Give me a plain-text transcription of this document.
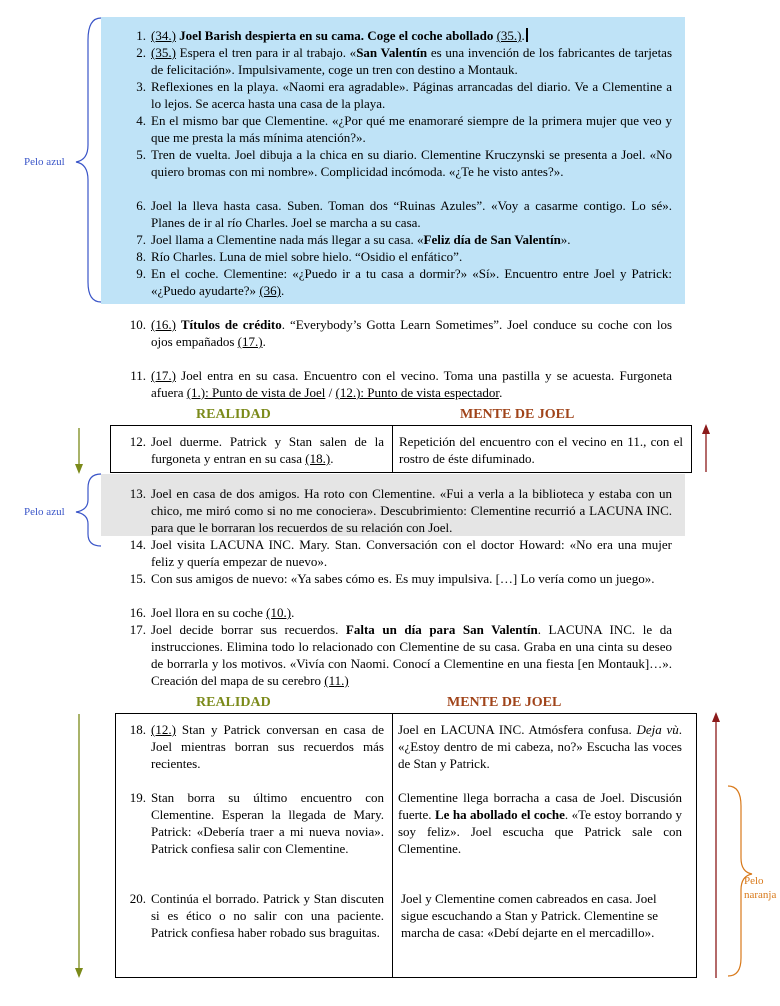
Pelo azul
Pelo azul
Pelo naranja
1. (34.) Joel Barish despierta en su cama. Coge el coche abollado (35.).
2. (35.) Espera el tren para ir al trabajo. «San Valentín es una invención de los fabricantes de tarjetas de felicitación». Impulsivamente, coge un tren con destino a Montauk.
3. Reflexiones en la playa. «Naomi era agradable». Páginas arrancadas del diario. Ve a Clementine a lo lejos. Se acerca hasta una casa de la playa.
4. En el mismo bar que Clementine. «¿Por qué me enamoraré siempre de la primera mujer que veo y que me presta la más mínima atención?».
5. Tren de vuelta. Joel dibuja a la chica en su diario. Clementine Kruczynski se presenta a Joel. «No quiero bromas con mi nombre». Complicidad incómoda. «¿Te he visto antes?».
6. Joel la lleva hasta casa. Suben. Toman dos “Ruinas Azules”. «Voy a casarme contigo. Lo sé». Planes de ir al río Charles. Joel se marcha a su casa.
7. Joel llama a Clementine nada más llegar a su casa. «Feliz día de San Valentín».
8. Río Charles. Luna de miel sobre hielo. “Osidio el enfático”.
9. En el coche. Clementine: «¿Puedo ir a tu casa a dormir?» «Sí». Encuentro entre Joel y Patrick: «¿Puedo ayudarte?» (36).
10. (16.) Títulos de crédito. “Everybody’s Gotta Learn Sometimes”. Joel conduce su coche con los ojos empañados (17.).
11. (17.) Joel entra en su casa. Encuentro con el vecino. Toma una pastilla y se acuesta. Furgoneta afuera (1.): Punto de vista de Joel / (12.): Punto de vista espectador.
REALIDAD	MENTE DE JOEL
12. Joel duerme. Patrick y Stan salen de la furgoneta y entran en su casa (18.).
Repetición del encuentro con el vecino en 11., con el rostro de éste difuminado.
13. Joel en casa de dos amigos. Ha roto con Clementine. «Fui a verla a la biblioteca y estaba con un chico, me miró como si no me conociera». Descubrimiento: Clementine recurrió a LACUNA INC. para que le borraran los recuerdos de su relación con Joel.
14. Joel visita LACUNA INC. Mary. Stan. Conversación con el doctor Howard: «No era una mujer feliz y quería empezar de nuevo».
15. Con sus amigos de nuevo: «Ya sabes cómo es. Es muy impulsiva. […] Lo vería como un juego».
16. Joel llora en su coche (10.).
17. Joel decide borrar sus recuerdos. Falta un día para San Valentín. LACUNA INC. le da instrucciones. Elimina todo lo relacionado con Clementine de su casa. Graba en una cinta su deseo de borrarla y los motivos. «Vivía con Naomi. Conocí a Clementine en una fiesta [en Montauk]…». Creación del mapa de su cerebro (11.)
REALIDAD	MENTE DE JOEL
18. (12.) Stan y Patrick conversan en casa de Joel mientras borran sus recuerdos más recientes.
Joel en LACUNA INC. Atmósfera confusa. Deja vù. «¿Estoy dentro de mi cabeza, no?» Escucha las voces de Stan y Patrick.
19. Stan borra su último encuentro con Clementine. Esperan la llegada de Mary. Patrick: «Debería traer a mi nueva novia». Patrick confiesa salir con Clementine.
Clementine llega borracha a casa de Joel. Discusión fuerte. Le ha abollado el coche. «Te estoy borrando y soy feliz». Joel escucha que Patrick sale con Clementine.
20. Continúa el borrado. Patrick y Stan discuten si es ético o no salir con una paciente. Patrick confiesa haber robado sus braguitas.
Joel y Clementine comen cabreados en casa. Joel sigue escuchando a Stan y Patrick. Clementine se marcha de casa: «Debí dejarte en el mercadillo».
